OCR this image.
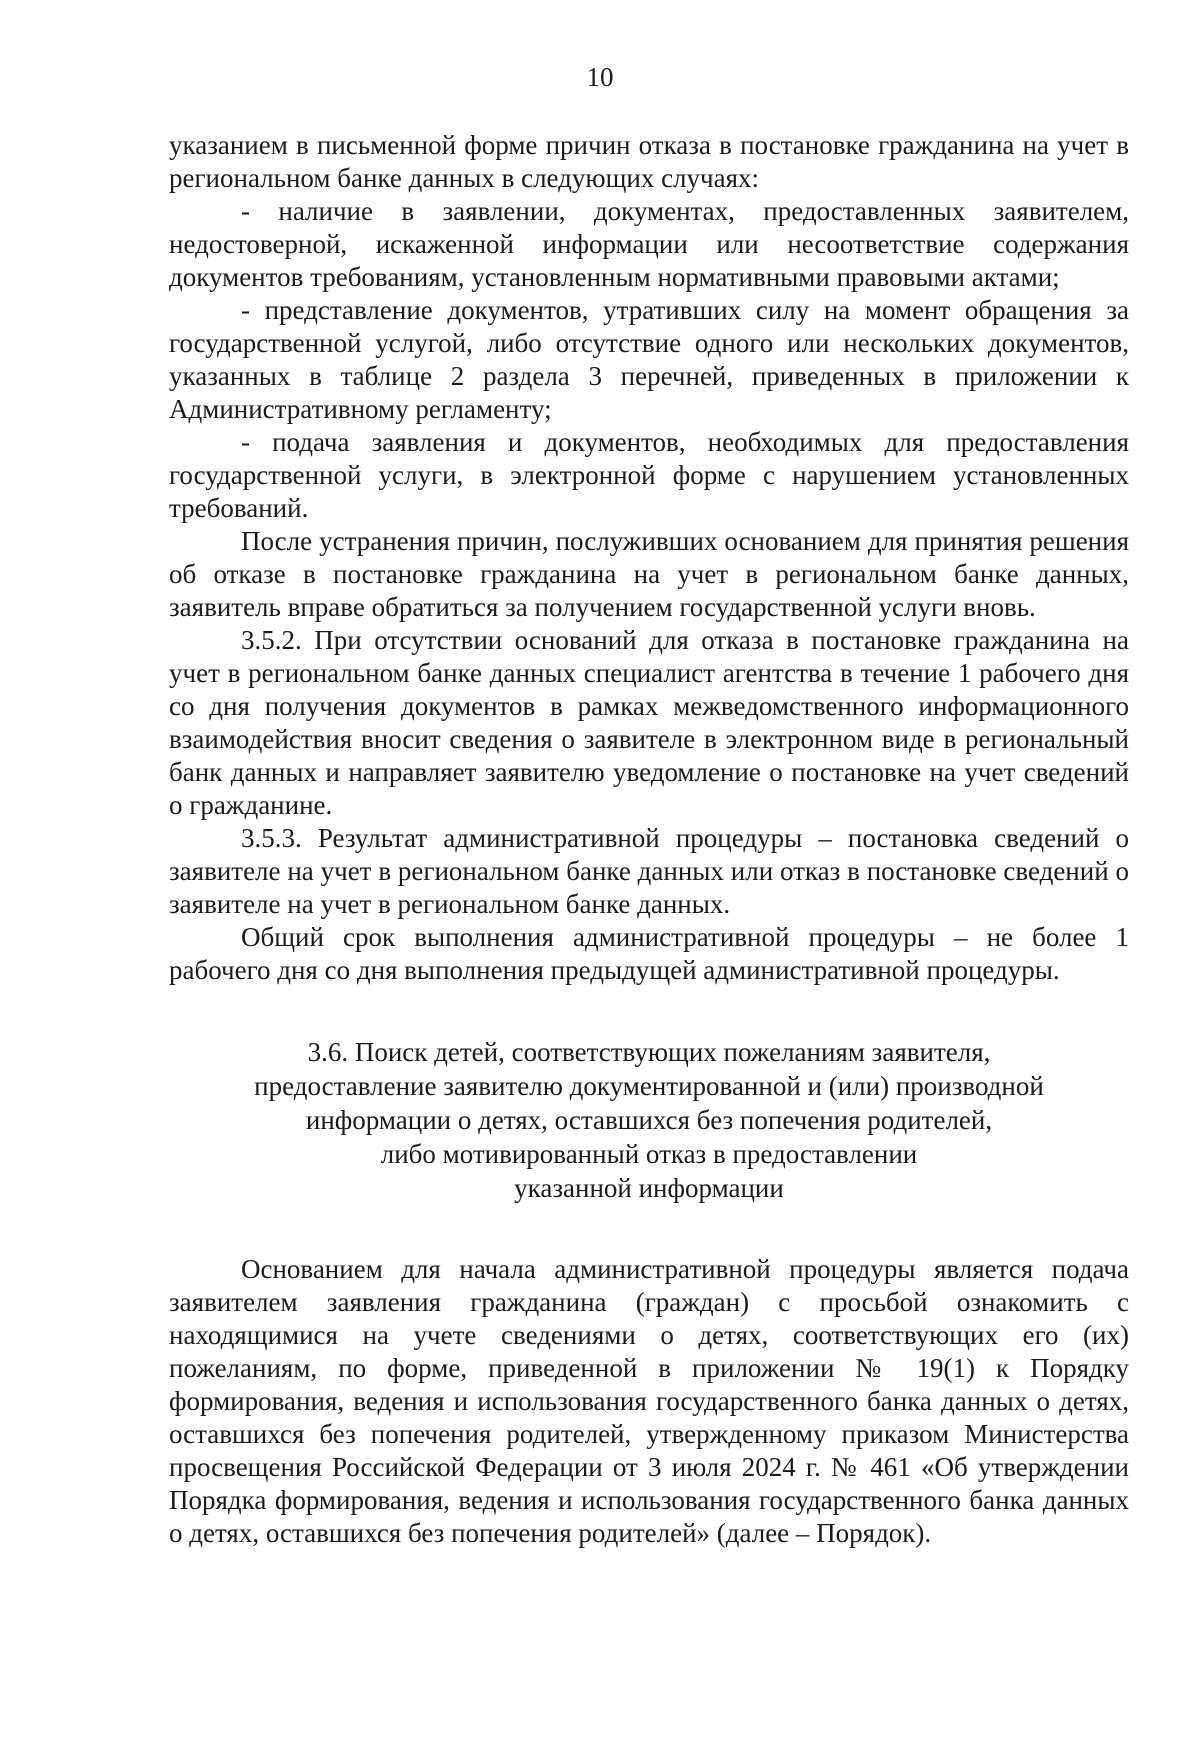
10

указанием в письменной форме причин отказа в постановке гражданина на учет в региональном банке данных в следующих случаях:

- наличие в заявлении, документах, предоставленных заявителем, недостоверной, искаженной информации или несоответствие содержания документов требованиям, установленным нормативными правовыми актами;

- представление документов, утративших силу на момент обращения за государственной услугой, либо отсутствие одного или нескольких документов, указанных в таблице 2 раздела 3 перечней, приведенных в приложении к Административному регламенту;

- подача заявления и документов, необходимых для предоставления государственной услуги, в электронной форме с нарушением установленных требований.

После устранения причин, послуживших основанием для принятия решения об отказе в постановке гражданина на учет в региональном банке данных, заявитель вправе обратиться за получением государственной услуги вновь.

3.5.2. При отсутствии оснований для отказа в постановке гражданина на учет в региональном банке данных специалист агентства в течение 1 рабочего дня со дня получения документов в рамках межведомственного информационного взаимодействия вносит сведения о заявителе в электронном виде в региональный банк данных и направляет заявителю уведомление о постановке на учет сведений о гражданине.

3.5.3. Результат административной процедуры – постановка сведений о заявителе на учет в региональном банке данных или отказ в постановке сведений о заявителе на учет в региональном банке данных.

Общий срок выполнения административной процедуры – не более 1 рабочего дня со дня выполнения предыдущей административной процедуры.

3.6. Поиск детей, соответствующих пожеланиям заявителя,
предоставление заявителю документированной и (или) производной
информации о детях, оставшихся без попечения родителей,
либо мотивированный отказ в предоставлении
указанной информации

Основанием для начала административной процедуры является подача заявителем заявления гражданина (граждан) с просьбой ознакомить с находящимися на учете сведениями о детях, соответствующих его (их) пожеланиям, по форме, приведенной в приложении № 19(1) к Порядку формирования, ведения и использования государственного банка данных о детях, оставшихся без попечения родителей, утвержденному приказом Министерства просвещения Российской Федерации от 3 июля 2024 г. № 461 «Об утверждении Порядка формирования, ведения и использования государственного банка данных о детях, оставшихся без попечения родителей» (далее – Порядок).
